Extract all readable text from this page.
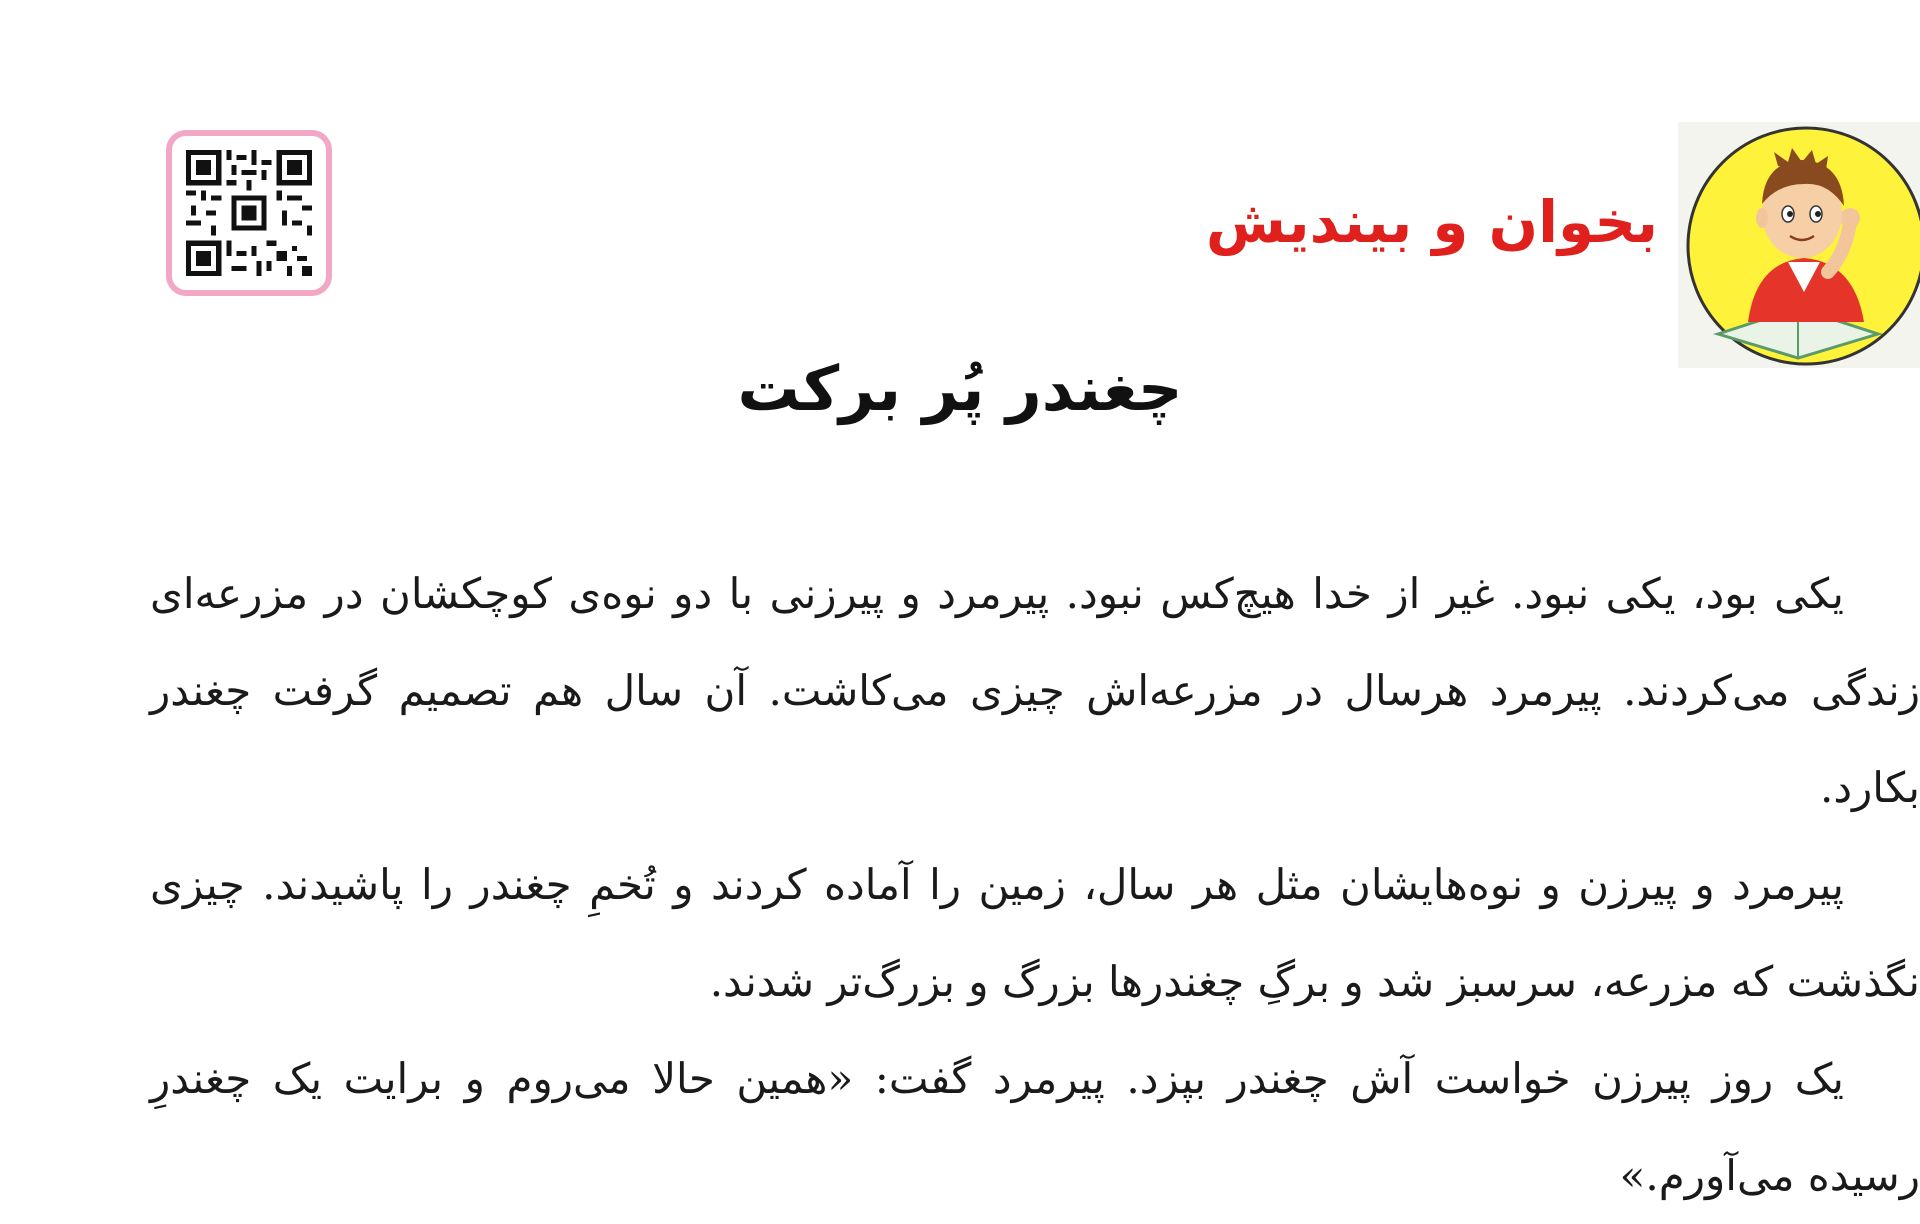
بخوان و بیندیش
چغندر پُر برکت

یکی بود، یکی نبود. غیر از خدا هیچ‌کس نبود. پیرمرد و پیرزنی با دو نوه‌ی کوچکشان در مزرعه‌ای زندگی می‌کردند. پیرمرد هرسال در مزرعه‌اش چیزی می‌کاشت. آن سال هم تصمیم گرفت چغندر بکارد.

پیرمرد و پیرزن و نوه‌هایشان مثل هر سال، زمین را آماده کردند و تُخمِ چغندر را پاشیدند. چیزی نگذشت که مزرعه، سرسبز شد و برگِ چغندرها بزرگ و بزرگ‌تر شدند.

یک روز پیرزن خواست آش چغندر بپزد. پیرمرد گفت: «همین حالا می‌روم و برایت یک چغندرِ رسیده می‌آورم.»
